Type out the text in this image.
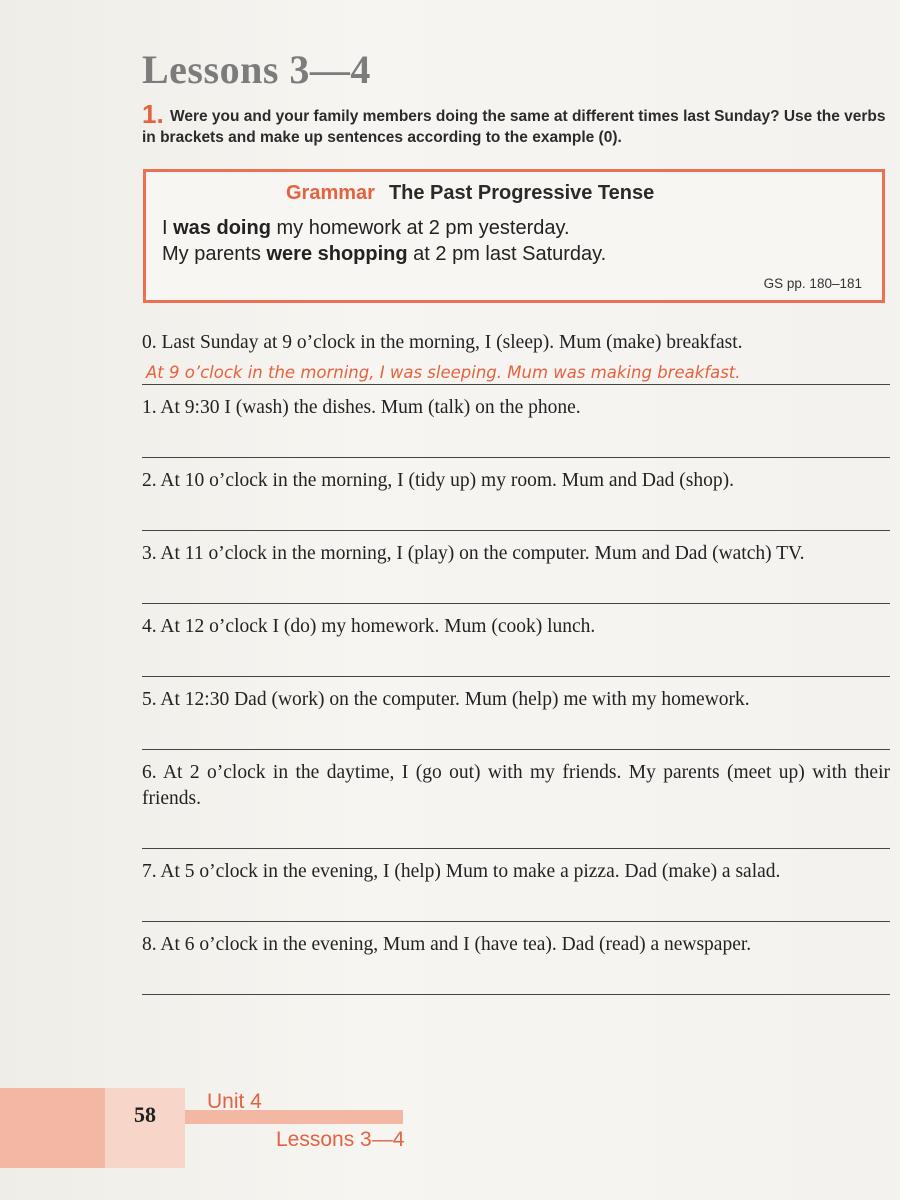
Lessons 3—4
1. Were you and your family members doing the same at different times last Sunday? Use the verbs in brackets and make up sentences according to the example (0).
Grammar The Past Progressive Tense
I was doing my homework at 2 pm yesterday.
My parents were shopping at 2 pm last Saturday.
GS pp. 180–181
0. Last Sunday at 9 o’clock in the morning, I (sleep). Mum (make) breakfast.
At 9 o’clock in the morning, I was sleeping. Mum was making breakfast.
1. At 9:30 I (wash) the dishes. Mum (talk) on the phone.
2. At 10 o’clock in the morning, I (tidy up) my room. Mum and Dad (shop).
3. At 11 o’clock in the morning, I (play) on the computer. Mum and Dad (watch) TV.
4. At 12 o’clock I (do) my homework. Mum (cook) lunch.
5. At 12:30 Dad (work) on the computer. Mum (help) me with my homework.
6. At 2 o’clock in the daytime, I (go out) with my friends. My parents (meet up) with their friends.
7. At 5 o’clock in the evening, I (help) Mum to make a pizza. Dad (make) a salad.
8. At 6 o’clock in the evening, Mum and I (have tea). Dad (read) a newspaper.
58
Unit 4
Lessons 3—4
